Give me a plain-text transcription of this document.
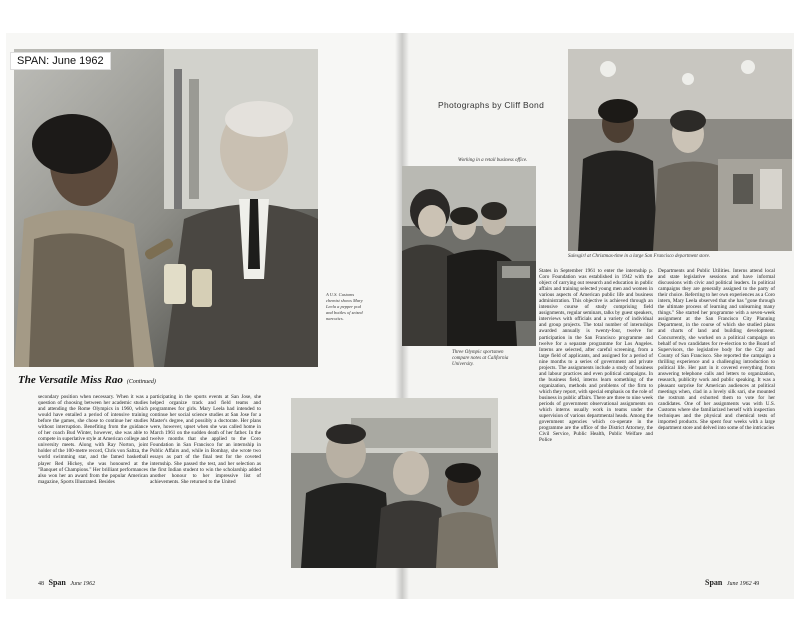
SPAN: June 1962
A U.S. Customs chemist shows Mary Leela a pepper pod and bottles of seized narcotics.
The Versatile Miss Rao (Continued)
secondary position when necessary. When it was a question of choosing between her academic studies and attending the Rome Olympics in 1960, which would have entailed a period of intensive training before the games, she chose to continue her studies without interruption. Benefiting from the guidance of her coach Bud Winter, however, she was able to compete in superlative style at American college and university meets. Along with Ray Norton, joint holder of the 100-metre record, Chris von Saltza, the world swimming star, and the famed basketball player Red Hickey, she was honoured at the "Banquet of Champions." Her brilliant performances also won her an award from the popular American magazine, Sports Illustrated. Besides
participating in the sports events at San Jose, she helped organize track and field teams and programmes for girls. Mary Leela had intended to continue her social science studies at San Jose for a Master's degree, and possibly a doctorate. Her plans were, however, upset when she was called home in March 1961 on the sudden death of her father. In the twelve months that she applied to the Coro Foundation in San Francisco for an internship in Public Affairs and, while in Bombay, she wrote two essays as part of the final test for the coveted internship. She passed the test, and her selection as the first Indian student to win the scholarship added another honour to her impressive list of achievements. She returned to the United
Three Olympic sportsmen compare notes at California University.
48 Span June 1962
Photographs by Cliff Bond
Working in a retail business office.
Salesgirl at Christmas-time in a large San Francisco department store.
States in September 1961 to enter the internship p. Coro Foundation was established in 1942 with the object of carrying out research and education in public affairs and training selected young men and women in various aspects of American public life and business administration. This objective is achieved through an intensive course of study comprising field assignments, regular seminars, talks by guest speakers, interviews with officials and a variety of individual and group projects. The total number of internships awarded annually is twenty-four, twelve for participation in the San Francisco programme and twelve for a separate programme for Los Angeles. Interns are selected, after careful screening, from a large field of applicants, and assigned for a period of nine months to a series of government and private projects. The assignments include a study of business and labour practices and even political campaigns. In the business field, interns learn something of the organization, methods and problems of the firm to which they report, with special emphasis on the role of business in public affairs. There are three to nine week periods of government observational assignments on which interns usually work in teams under the supervision of various departmental heads. Among the government agencies which co-operate in the programme are the office of the District Attorney, the Civil Service, Public Health, Public Welfare and Police
Departments and Public Utilities. Interns attend local and state legislative sessions and have informal discussions with civic and political leaders. In political campaigns they are generally assigned to the party of their choice. Referring to her own experiences as a Coro intern, Mary Leela observed that she has "gone through the ultimate process of learning and unlearning many things." She started her programme with a seven-week assignment at the San Francisco City Planning Department, in the course of which she studied plans and charts of land and building development. Concurrently, she worked on a political campaign on behalf of two candidates for re-election to the Board of Supervisors, the legislative body for the City and County of San Francisco. She reported the campaign a thrilling experience and a challenging introduction to political life. Her part in it covered everything from answering telephone calls and letters to organization, research, publicity work and public speaking. It was a pleasant surprise for American audiences at political meetings when, clad in a lovely silk sari, she mounted the rostrum and exhorted them to vote for her candidates. One of her assignments was with U.S. Customs where she familiarized herself with inspection techniques and the physical and chemical tests of imported products. She spent four weeks with a large department store and delved into some of the intricacies
Span June 1962 49
